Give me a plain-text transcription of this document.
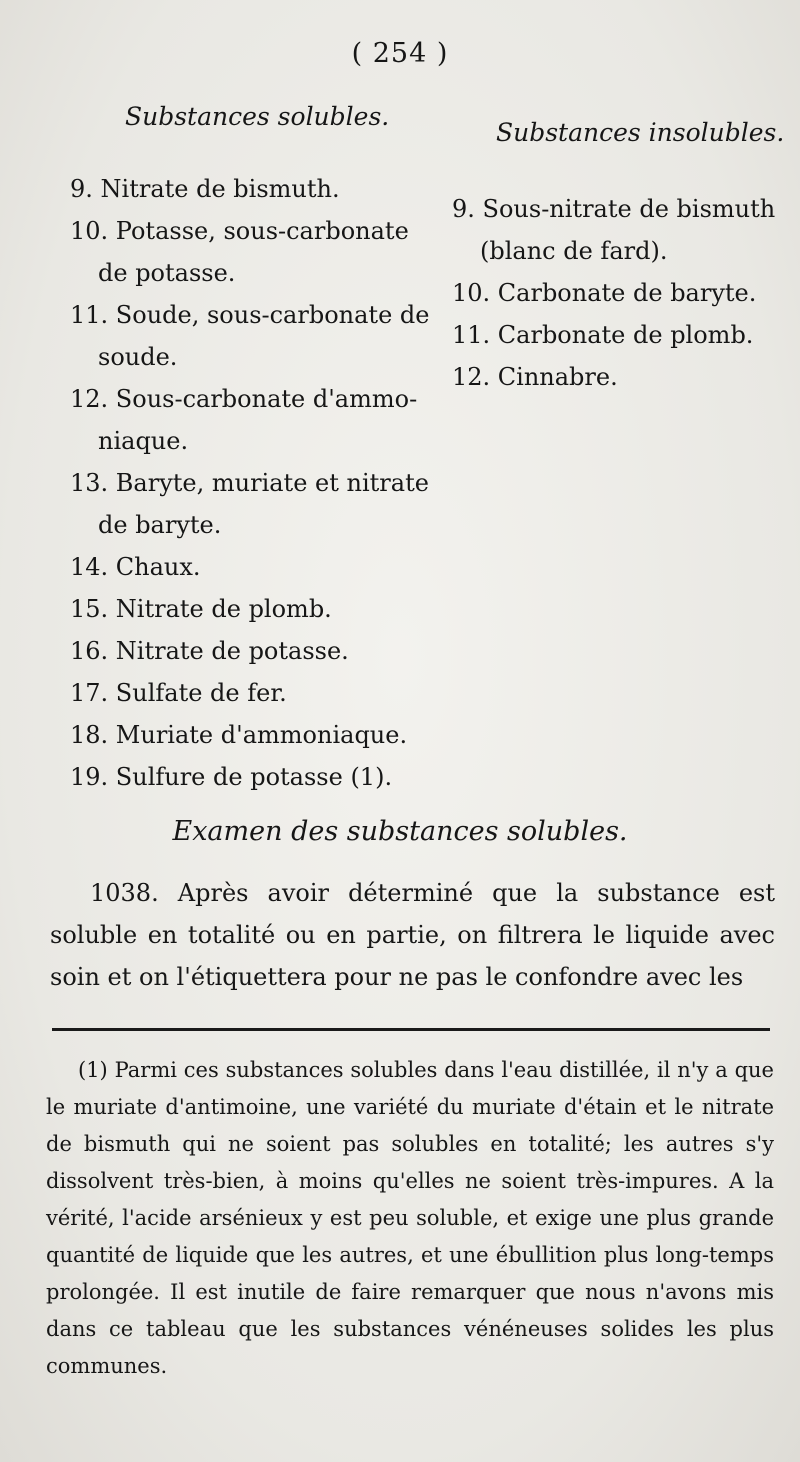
( 254 )
Substances solubles.
Substances insolubles.
9. Nitrate de bismuth.
10. Potasse, sous-carbonate
de potasse.
11. Soude, sous-carbonate de
soude.
12. Sous-carbonate d'ammo-
niaque.
13. Baryte, muriate et nitrate
de baryte.
14. Chaux.
15. Nitrate de plomb.
16. Nitrate de potasse.
17. Sulfate de fer.
18. Muriate d'ammoniaque.
19. Sulfure de potasse (1).
9. Sous-nitrate de bismuth
(blanc de fard).
10. Carbonate de baryte.
11. Carbonate de plomb.
12. Cinnabre.
Examen des substances solubles.
1038. Après avoir déterminé que la substance est soluble en totalité ou en partie, on filtrera le liquide avec soin et on l'étiquettera pour ne pas le confondre avec les
(1) Parmi ces substances solubles dans l'eau distillée, il n'y a que le muriate d'antimoine, une variété du muriate d'étain et le nitrate de bismuth qui ne soient pas solubles en totalité; les autres s'y dissolvent très-bien, à moins qu'elles ne soient très-impures. A la vérité, l'acide arsénieux y est peu soluble, et exige une plus grande quantité de liquide que les autres, et une ébullition plus long-temps prolongée. Il est inutile de faire remarquer que nous n'avons mis dans ce tableau que les substances vénéneuses solides les plus communes.
